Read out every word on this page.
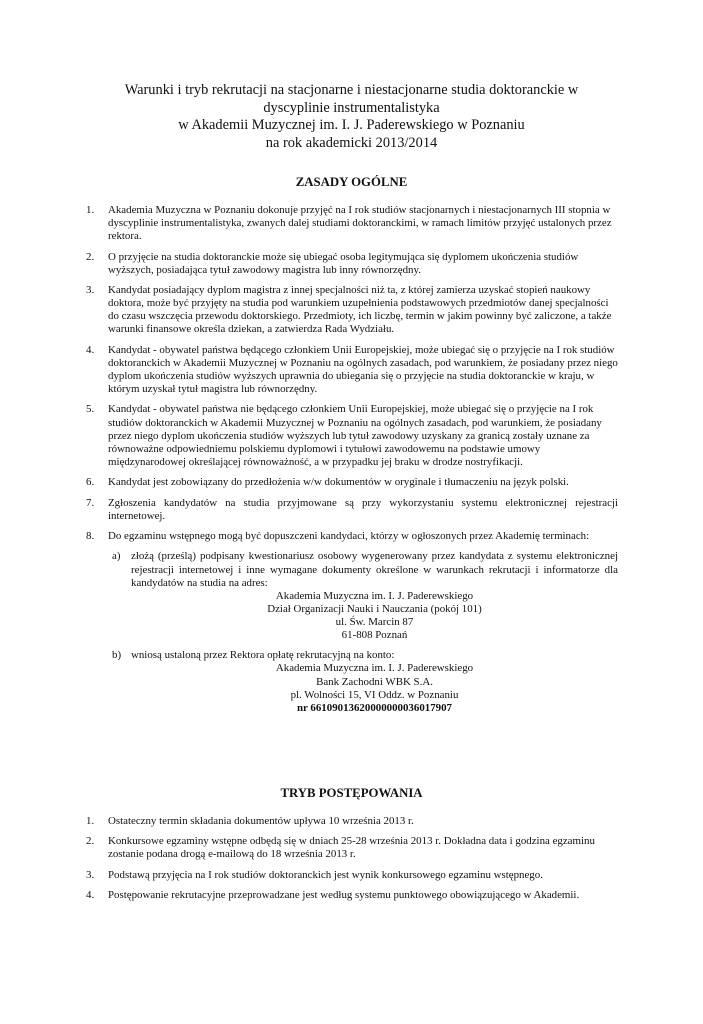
Warunki i tryb rekrutacji na stacjonarne i niestacjonarne studia doktoranckie w
dyscyplinie instrumentalistyka
w Akademii Muzycznej im. I. J. Paderewskiego w Poznaniu
na rok akademicki 2013/2014
ZASADY OGÓLNE
1. Akademia Muzyczna w Poznaniu dokonuje przyjęć na I rok studiów stacjonarnych i niestacjonarnych III stopnia w dyscyplinie instrumentalistyka, zwanych dalej studiami doktoranckimi, w ramach limitów przyjęć ustalonych przez rektora.
2. O przyjęcie na studia doktoranckie może się ubiegać osoba legitymująca się dyplomem ukończenia studiów wyższych, posiadająca tytuł zawodowy magistra lub inny równorzędny.
3. Kandydat posiadający dyplom magistra z innej specjalności niż ta, z której zamierza uzyskać stopień naukowy doktora, może być przyjęty na studia pod warunkiem uzupełnienia podstawowych przedmiotów danej specjalności do czasu wszczęcia przewodu doktorskiego. Przedmioty, ich liczbę, termin w jakim powinny być zaliczone, a także warunki finansowe określa dziekan, a zatwierdza Rada Wydziału.
4. Kandydat - obywatel państwa będącego członkiem Unii Europejskiej, może ubiegać się o przyjęcie na I rok studiów doktoranckich w Akademii Muzycznej w Poznaniu na ogólnych zasadach, pod warunkiem, że posiadany przez niego dyplom ukończenia studiów wyższych uprawnia do ubiegania się o przyjęcie na studia doktoranckie w kraju, w którym uzyskał tytuł magistra lub równorzędny.
5. Kandydat - obywatel państwa nie będącego członkiem Unii Europejskiej, może ubiegać się o przyjęcie na I rok studiów doktoranckich w Akademii Muzycznej w Poznaniu na ogólnych zasadach, pod warunkiem, że posiadany przez niego dyplom ukończenia studiów wyższych lub tytuł zawodowy uzyskany za granicą zostały uznane za równoważne odpowiedniemu polskiemu dyplomowi i tytułowi zawodowemu na podstawie umowy międzynarodowej określającej równoważność, a w przypadku jej braku w drodze nostryfikacji.
6. Kandydat jest zobowiązany do przedłożenia w/w dokumentów w oryginale i tłumaczeniu na język polski.
7. Zgłoszenia kandydatów na studia przyjmowane są przy wykorzystaniu systemu elektronicznej rejestracji internetowej.
8. Do egzaminu wstępnego mogą być dopuszczeni kandydaci, którzy w ogłoszonych przez Akademię terminach:
a) złożą (prześlą) podpisany kwestionariusz osobowy wygenerowany przez kandydata z systemu elektronicznej rejestracji internetowej i inne wymagane dokumenty określone w warunkach rekrutacji i informatorze dla kandydatów na studia na adres:
Akademia Muzyczna im. I. J. Paderewskiego
Dział Organizacji Nauki i Nauczania (pokój 101)
ul. Św. Marcin 87
61-808 Poznań
b) wniosą ustaloną przez Rektora opłatę rekrutacyjną na konto:
Akademia Muzyczna im. I. J. Paderewskiego
Bank Zachodni WBK S.A.
pl. Wolności 15, VI Oddz. w Poznaniu
nr 66109013620000000036017907
TRYB POSTĘPOWANIA
1. Ostateczny termin składania dokumentów upływa 10 września 2013 r.
2. Konkursowe egzaminy wstępne odbędą się w dniach 25-28 września 2013 r. Dokładna data i godzina egzaminu zostanie podana drogą e-mailową do 18 września 2013 r.
3. Podstawą przyjęcia na I rok studiów doktoranckich jest wynik konkursowego egzaminu wstępnego.
4. Postępowanie rekrutacyjne przeprowadzane jest według systemu punktowego obowiązującego w Akademii.
